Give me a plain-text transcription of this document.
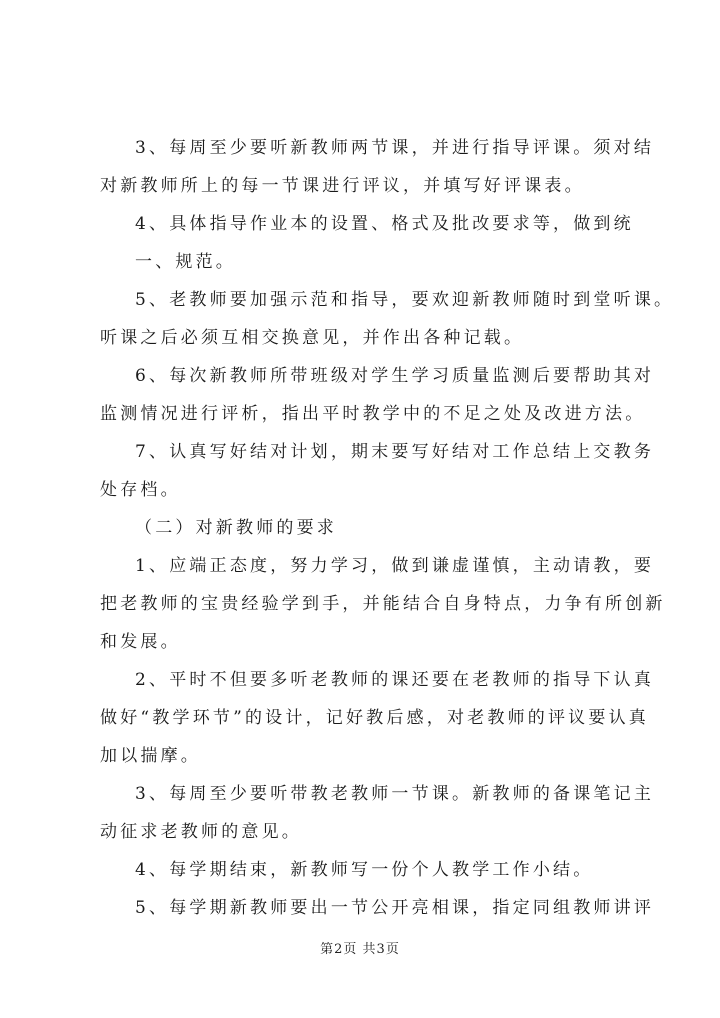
3、每周至少要听新教师两节课，并进行指导评课。须对结
对新教师所上的每一节课进行评议，并填写好评课表。
4、具体指导作业本的设置、格式及批改要求等，做到统
一、规范。
5、老教师要加强示范和指导，要欢迎新教师随时到堂听课。
听课之后必须互相交换意见，并作出各种记载。
6、每次新教师所带班级对学生学习质量监测后要帮助其对
监测情况进行评析，指出平时教学中的不足之处及改进方法。
7、认真写好结对计划，期末要写好结对工作总结上交教务
处存档。
（二）对新教师的要求
1、应端正态度，努力学习，做到谦虚谨慎，主动请教，要
把老教师的宝贵经验学到手，并能结合自身特点，力争有所创新
和发展。
2、平时不但要多听老教师的课还要在老教师的指导下认真
做好“教学环节”的设计，记好教后感，对老教师的评议要认真
加以揣摩。
3、每周至少要听带教老教师一节课。新教师的备课笔记主
动征求老教师的意见。
4、每学期结束，新教师写一份个人教学工作小结。
5、每学期新教师要出一节公开亮相课，指定同组教师讲评
第2页 共3页
